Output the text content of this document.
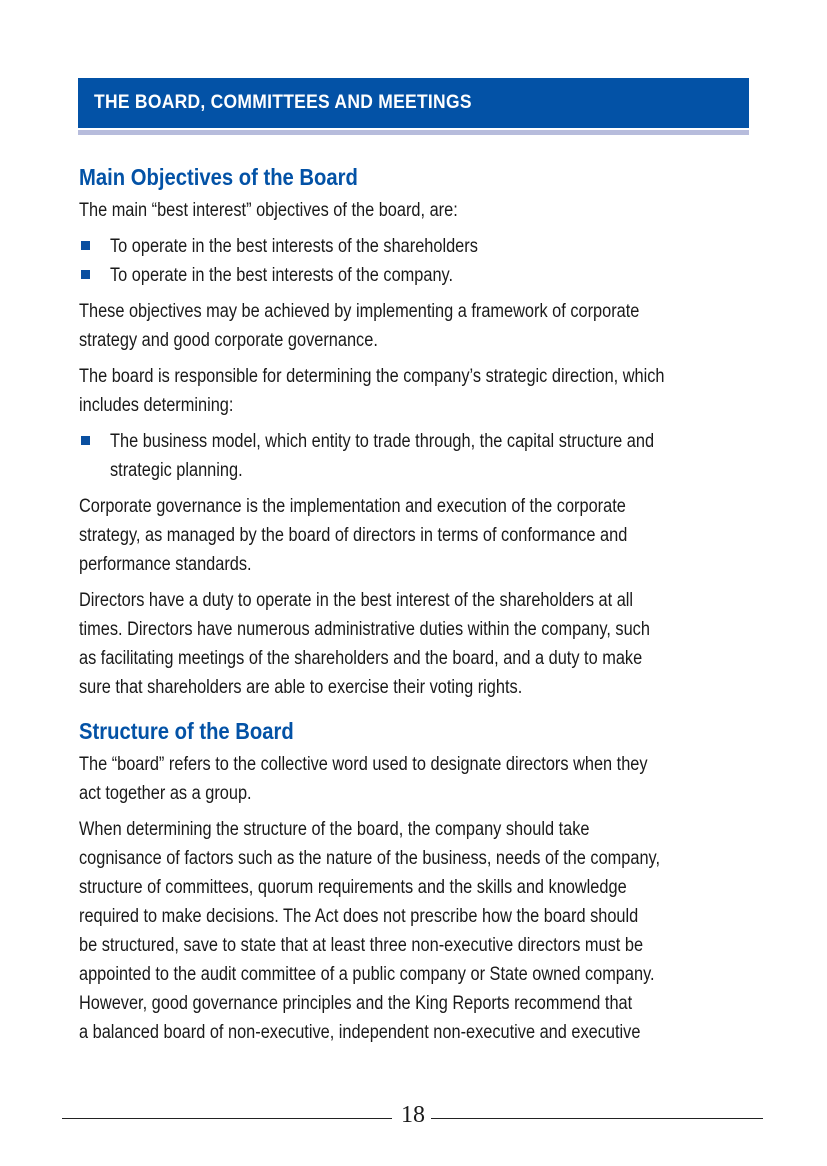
THE BOARD, COMMITTEES AND MEETINGS
Main Objectives of the Board
The main “best interest” objectives of the board, are:
To operate in the best interests of the shareholders
To operate in the best interests of the company.
These objectives may be achieved by implementing a framework of corporate
strategy and good corporate governance.
The board is responsible for determining the company’s strategic direction, which
includes determining:
The business model, which entity to trade through, the capital structure and
strategic planning.
Corporate governance is the implementation and execution of the corporate
strategy, as managed by the board of directors in terms of conformance and
performance standards.
Directors have a duty to operate in the best interest of the shareholders at all
times. Directors have numerous administrative duties within the company, such
as facilitating meetings of the shareholders and the board, and a duty to make
sure that shareholders are able to exercise their voting rights.
Structure of the Board
The “board” refers to the collective word used to designate directors when they
act together as a group.
When determining the structure of the board, the company should take
cognisance of factors such as the nature of the business, needs of the company,
structure of committees, quorum requirements and the skills and knowledge
required to make decisions. The Act does not prescribe how the board should
be structured, save to state that at least three non-executive directors must be
appointed to the audit committee of a public company or State owned company.
However, good governance principles and the King Reports recommend that
a balanced board of non-executive, independent non-executive and executive
18
